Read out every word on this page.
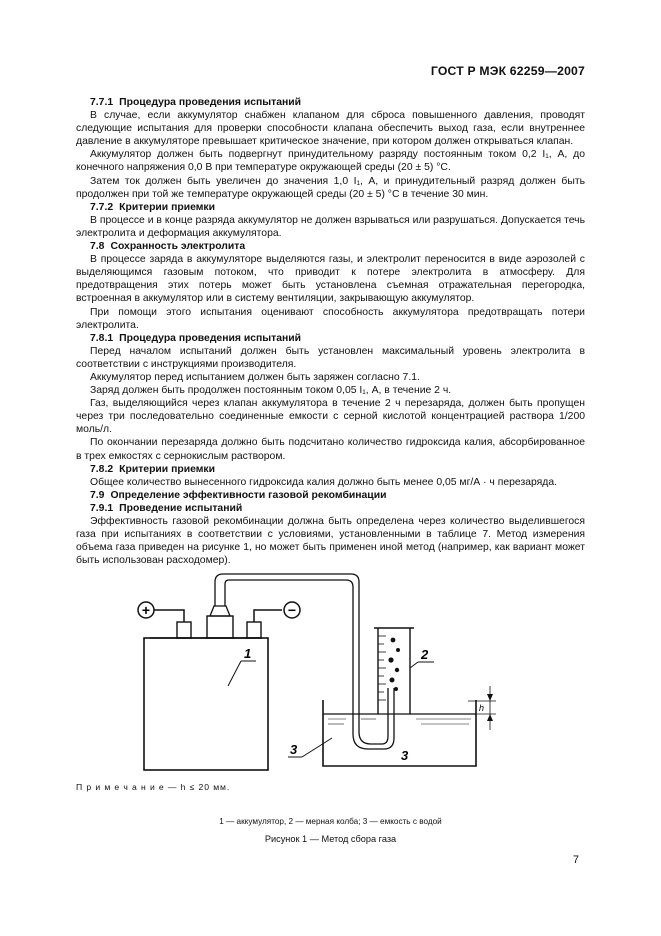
ГОСТ Р МЭК 62259—2007
7.7.1 Процедура проведения испытаний

В случае, если аккумулятор снабжен клапаном для сброса повышенного давления, проводят следующие испытания для проверки способности клапана обеспечить выход газа, если внутреннее давление в аккумуляторе превышает критическое значение, при котором должен открываться клапан.

Аккумулятор должен быть подвергнут принудительному разряду постоянным током 0,2 I₁, А, до конечного напряжения 0,0 В при температуре окружающей среды (20 ± 5) °С.

Затем ток должен быть увеличен до значения 1,0 I₁, А, и принудительный разряд должен быть продолжен при той же температуре окружающей среды (20 ± 5) °С в течение 30 мин.

7.7.2 Критерии приемки

В процессе и в конце разряда аккумулятор не должен взрываться или разрушаться. Допускается течь электролита и деформация аккумулятора.

7.8 Сохранность электролита

В процессе заряда в аккумуляторе выделяются газы, и электролит переносится в виде аэрозолей с выделяющимся газовым потоком, что приводит к потере электролита в атмосферу. Для предотвращения этих потерь может быть установлена съемная отражательная перегородка, встроенная в аккумулятор или в систему вентиляции, закрывающую аккумулятор.

При помощи этого испытания оценивают способность аккумулятора предотвращать потери электролита.

7.8.1 Процедура проведения испытаний

Перед началом испытаний должен быть установлен максимальный уровень электролита в соответствии с инструкциями производителя.

Аккумулятор перед испытанием должен быть заряжен согласно 7.1.

Заряд должен быть продолжен постоянным током 0,05 I₁, А, в течение 2 ч.

Газ, выделяющийся через клапан аккумулятора в течение 2 ч перезаряда, должен быть пропущен через три последовательно соединенные емкости с серной кислотой концентрацией раствора 1/200 моль/л.

По окончании перезаряда должно быть подсчитано количество гидроксида калия, абсорбированное в трех емкостях с сернокислым раствором.

7.8.2 Критерии приемки

Общее количество вынесенного гидроксида калия должно быть менее 0,05 мг/А · ч перезаряда.

7.9 Определение эффективности газовой рекомбинации
7.9.1 Проведение испытаний

Эффективность газовой рекомбинации должна быть определена через количество выделившегося газа при испытаниях в соответствии с условиями, установленными в таблице 7. Метод измерения объема газа приведен на рисунке 1, но может быть применен иной метод (например, как вариант может быть использован расходомер).

+	−
1	2
3	3
h
П р и м е ч а н и е — h ≤ 20 мм.
1 — аккумулятор, 2 — мерная колба; 3 — емкость с водой
Рисунок 1 — Метод сбора газа
7
